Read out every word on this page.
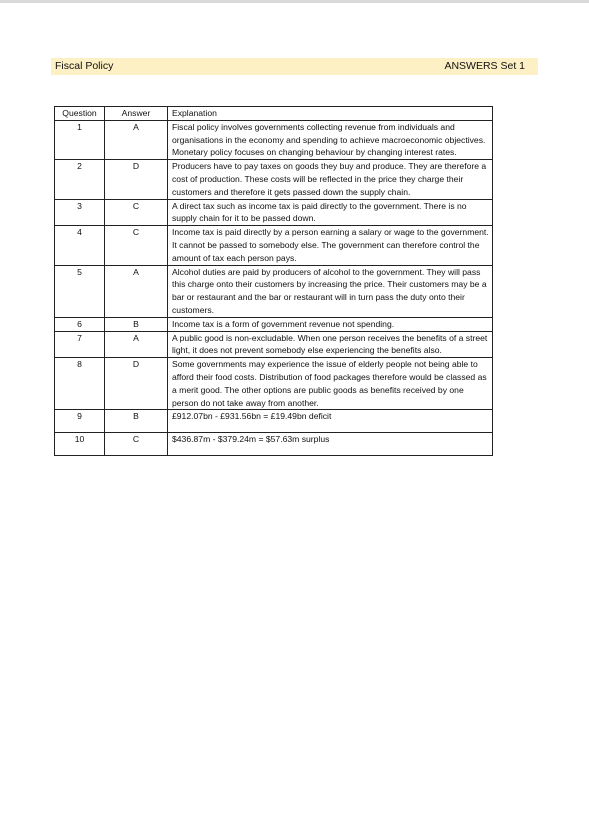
Fiscal Policy	ANSWERS Set 1
Question	Answer	Explanation
1	A	Fiscal policy involves governments collecting revenue from individuals and organisations in the economy and spending to achieve macroeconomic objectives. Monetary policy focuses on changing behaviour by changing interest rates.
2	D	Producers have to pay taxes on goods they buy and produce. They are therefore a cost of production. These costs will be reflected in the price they charge their customers and therefore it gets passed down the supply chain.
3	C	A direct tax such as income tax is paid directly to the government. There is no supply chain for it to be passed down.
4	C	Income tax is paid directly by a person earning a salary or wage to the government. It cannot be passed to somebody else. The government can therefore control the amount of tax each person pays.
5	A	Alcohol duties are paid by producers of alcohol to the government. They will pass this charge onto their customers by increasing the price. Their customers may be a bar or restaurant and the bar or restaurant will in turn pass the duty onto their customers.
6	B	Income tax is a form of government revenue not spending.
7	A	A public good is non-excludable. When one person receives the benefits of a street light, it does not prevent somebody else experiencing the benefits also.
8	D	Some governments may experience the issue of elderly people not being able to afford their food costs. Distribution of food packages therefore would be classed as a merit good. The other options are public goods as benefits received by one person do not take away from another.
9	B	£912.07bn - £931.56bn = £19.49bn deficit
10	C	$436.87m - $379.24m = $57.63m surplus
